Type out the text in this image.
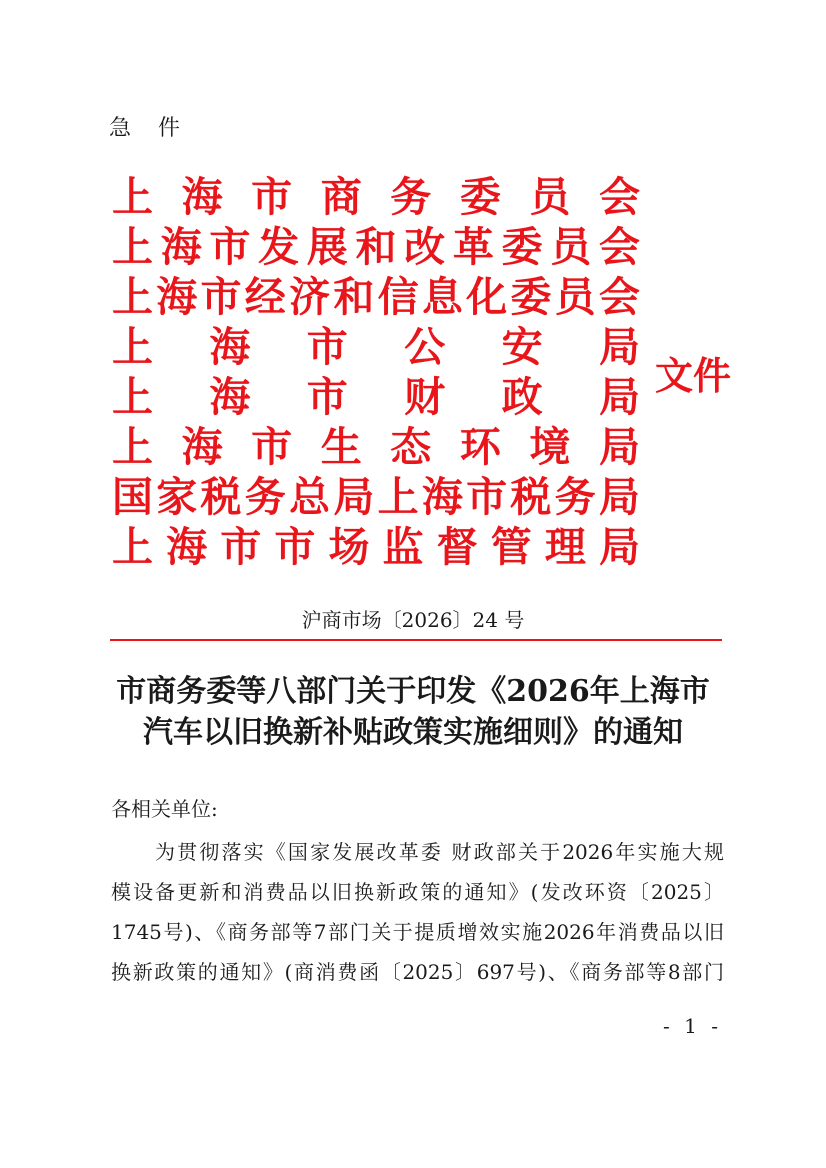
急 件
上 海 市 商 务 委 员 会
上 海 市 发 展 和 改 革 委 员 会
上 海 市 经 济 和 信 息 化 委 员 会
上 海 市 公 安 局
上 海 市 财 政 局
上 海 市 生 态 环 境 局
国 家 税 务 总 局 上 海 市 税 务 局
上 海 市 市 场 监 督 管 理 局
文件
沪商市场〔2026〕24 号
市商务委等八部门关于印发《2026年上海市
汽车以旧换新补贴政策实施细则》的通知
各相关单位:
为贯彻落实《国家发展改革委 财政部关于2026年实施大规
模设备更新和消费品以旧换新政策的通知》(发改环资〔2025〕
1745号)、《商务部等7部门关于提质增效实施2026年消费品以旧
换新政策的通知》(商消费函〔2025〕697号)、《商务部等8部门
- 1 -
